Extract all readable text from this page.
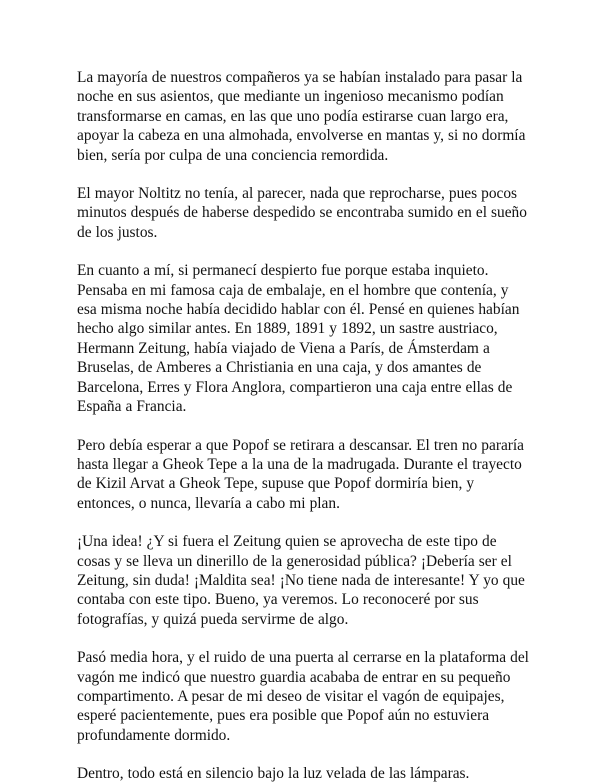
La mayoría de nuestros compañeros ya se habían instalado para pasar la noche en sus asientos, que mediante un ingenioso mecanismo podían transformarse en camas, en las que uno podía estirarse cuan largo era, apoyar la cabeza en una almohada, envolverse en mantas y, si no dormía bien, sería por culpa de una conciencia remordida.

El mayor Noltitz no tenía, al parecer, nada que reprocharse, pues pocos minutos después de haberse despedido se encontraba sumido en el sueño de los justos.

En cuanto a mí, si permanecí despierto fue porque estaba inquieto. Pensaba en mi famosa caja de embalaje, en el hombre que contenía, y esa misma noche había decidido hablar con él. Pensé en quienes habían hecho algo similar antes. En 1889, 1891 y 1892, un sastre austriaco, Hermann Zeitung, había viajado de Viena a París, de Ámsterdam a Bruselas, de Amberes a Christiania en una caja, y dos amantes de Barcelona, Erres y Flora Anglora, compartieron una caja entre ellas de España a Francia.

Pero debía esperar a que Popof se retirara a descansar. El tren no pararía hasta llegar a Gheok Tepe a la una de la madrugada. Durante el trayecto de Kizil Arvat a Gheok Tepe, supuse que Popof dormiría bien, y entonces, o nunca, llevaría a cabo mi plan.

¡Una idea! ¿Y si fuera el Zeitung quien se aprovecha de este tipo de cosas y se lleva un dinerillo de la generosidad pública? ¡Debería ser el Zeitung, sin duda! ¡Maldita sea! ¡No tiene nada de interesante! Y yo que contaba con este tipo. Bueno, ya veremos. Lo reconoceré por sus fotografías, y quizá pueda servirme de algo.

Pasó media hora, y el ruido de una puerta al cerrarse en la plataforma del vagón me indicó que nuestro guardia acababa de entrar en su pequeño compartimento. A pesar de mi deseo de visitar el vagón de equipajes, esperé pacientemente, pues era posible que Popof aún no estuviera profundamente dormido.

Dentro, todo está en silencio bajo la luz velada de las lámparas.
